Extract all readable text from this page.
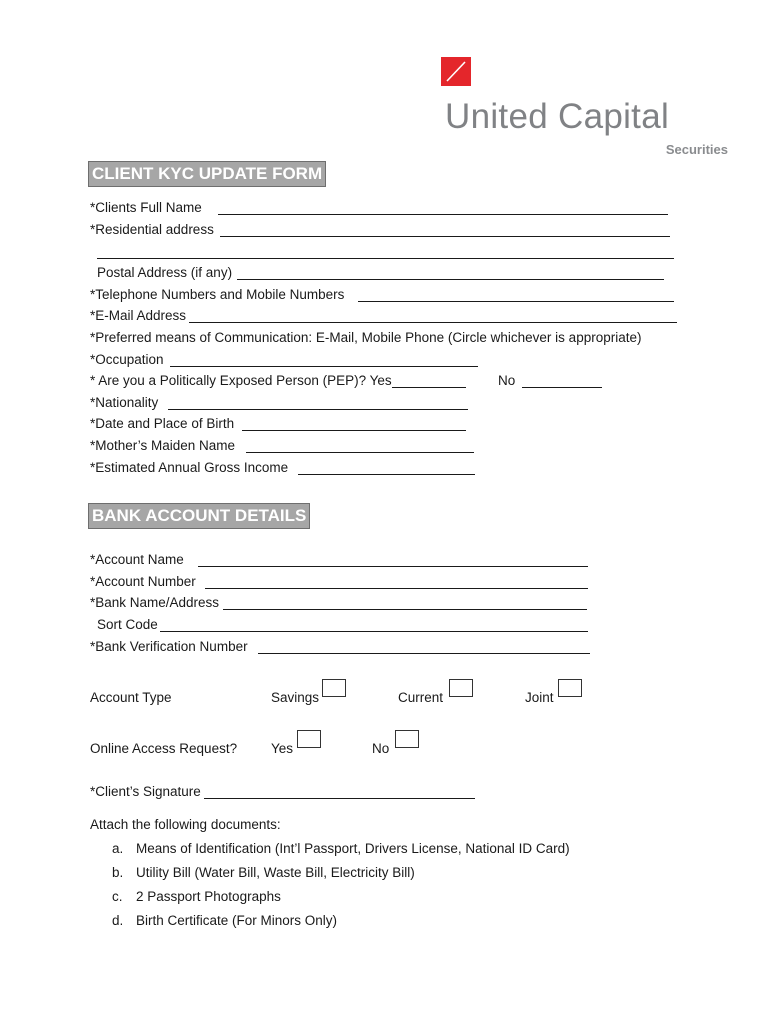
United Capital
Securities
CLIENT KYC UPDATE FORM
*Clients Full Name
*Residential address
Postal Address (if any)
*Telephone Numbers and Mobile Numbers
*E-Mail Address
*Preferred means of Communication: E-Mail, Mobile Phone (Circle whichever is appropriate)
*Occupation
* Are you a Politically Exposed Person (PEP)? Yes	No
*Nationality
*Date and Place of Birth
*Mother’s Maiden Name
*Estimated Annual Gross Income
BANK ACCOUNT DETAILS
*Account Name
*Account Number
*Bank Name/Address
Sort Code
*Bank Verification Number
Account Type	Savings	Current	Joint
Online Access Request?	Yes	No
*Client’s Signature
Attach the following documents:
a. Means of Identification (Int’l Passport, Drivers License, National ID Card)
b. Utility Bill (Water Bill, Waste Bill, Electricity Bill)
c. 2 Passport Photographs
d. Birth Certificate (For Minors Only)
